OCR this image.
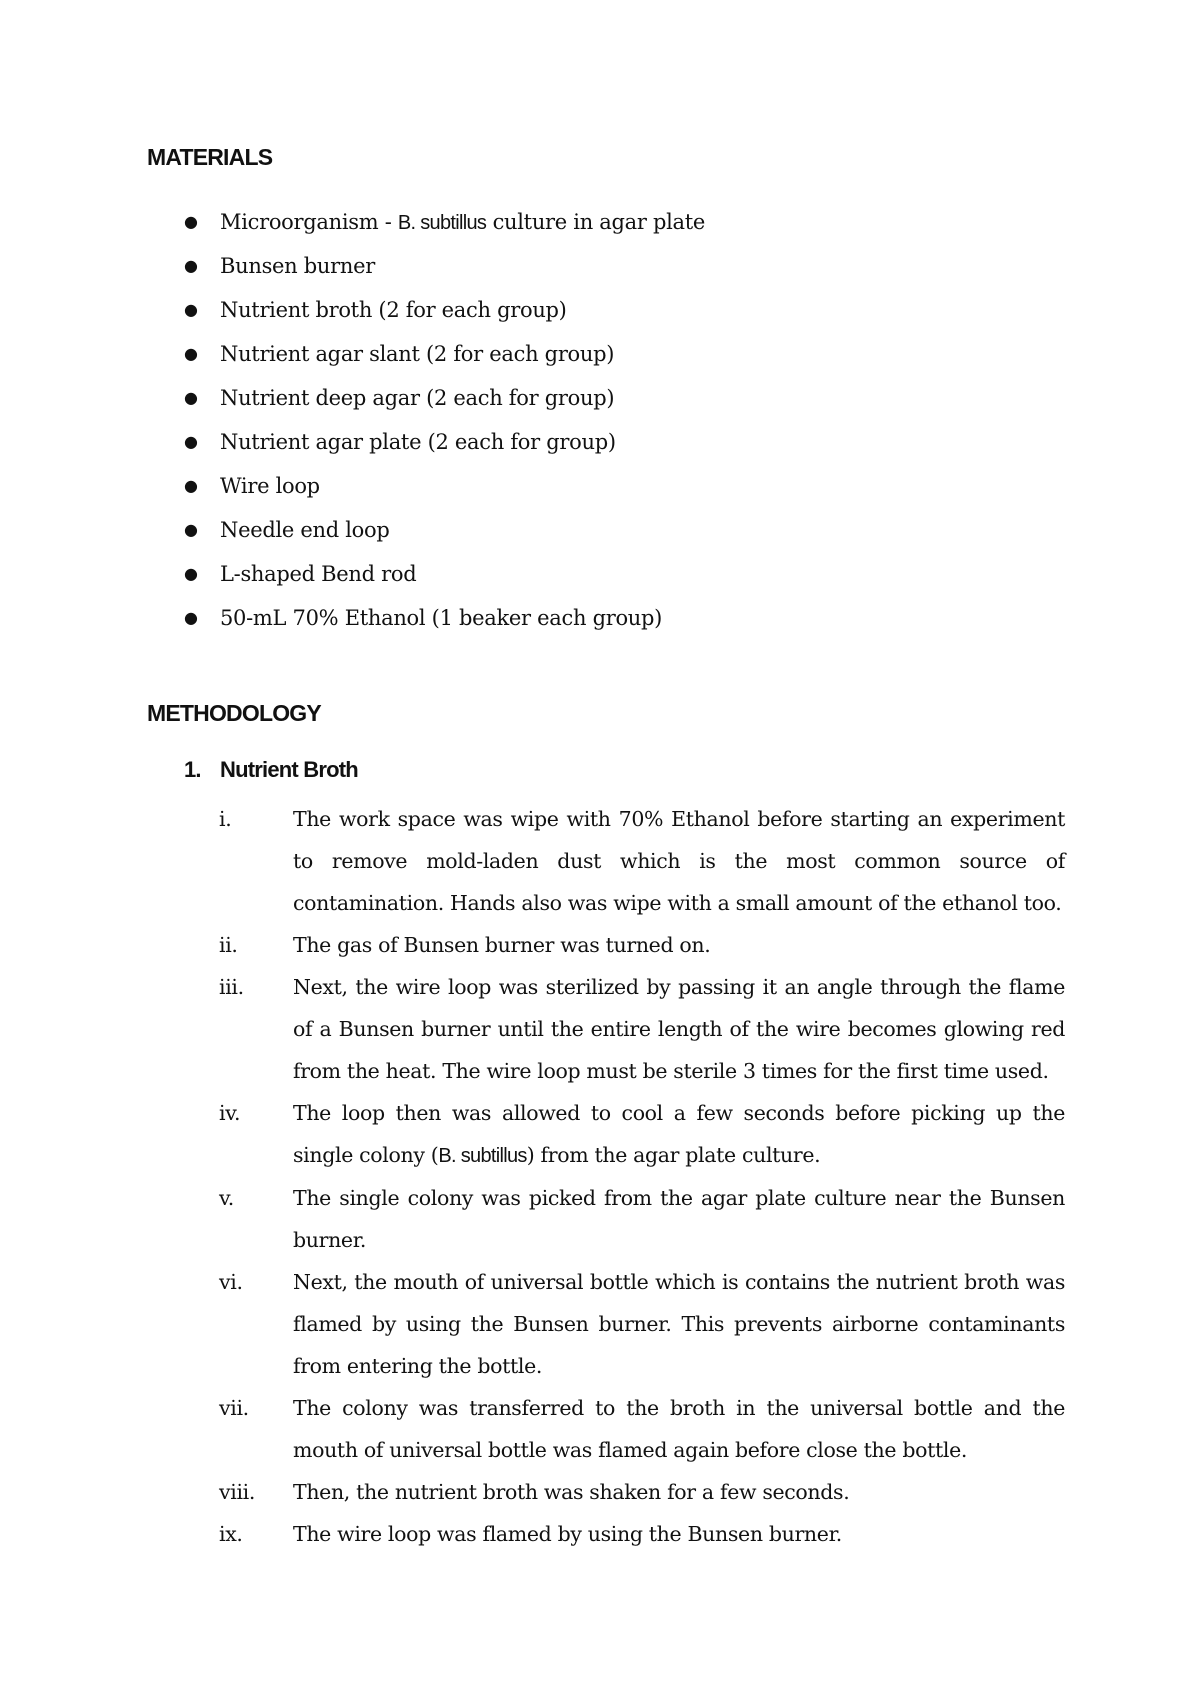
MATERIALS
● Microorganism - B. subtillus culture in agar plate
● Bunsen burner
● Nutrient broth (2 for each group)
● Nutrient agar slant (2 for each group)
● Nutrient deep agar (2 each for group)
● Nutrient agar plate (2 each for group)
● Wire loop
● Needle end loop
● L-shaped Bend rod
● 50-mL 70% Ethanol (1 beaker each group)
METHODOLOGY
1. Nutrient Broth
i.	The work space was wipe with 70% Ethanol before starting an experiment to remove mold-laden dust which is the most common source of contamination. Hands also was wipe with a small amount of the ethanol too.
ii.	The gas of Bunsen burner was turned on.
iii. Next, the wire loop was sterilized by passing it an angle through the flame of a Bunsen burner until the entire length of the wire becomes glowing red from the heat. The wire loop must be sterile 3 times for the first time used.
iv.	The loop then was allowed to cool a few seconds before picking up the single colony (B. subtillus) from the agar plate culture.
v.	The single colony was picked from the agar plate culture near the Bunsen burner.
vi. Next, the mouth of universal bottle which is contains the nutrient broth was flamed by using the Bunsen burner. This prevents airborne contaminants from entering the bottle.
vii. The colony was transferred to the broth in the universal bottle and the mouth of universal bottle was flamed again before close the bottle.
viii. Then, the nutrient broth was shaken for a few seconds.
ix. The wire loop was flamed by using the Bunsen burner.
